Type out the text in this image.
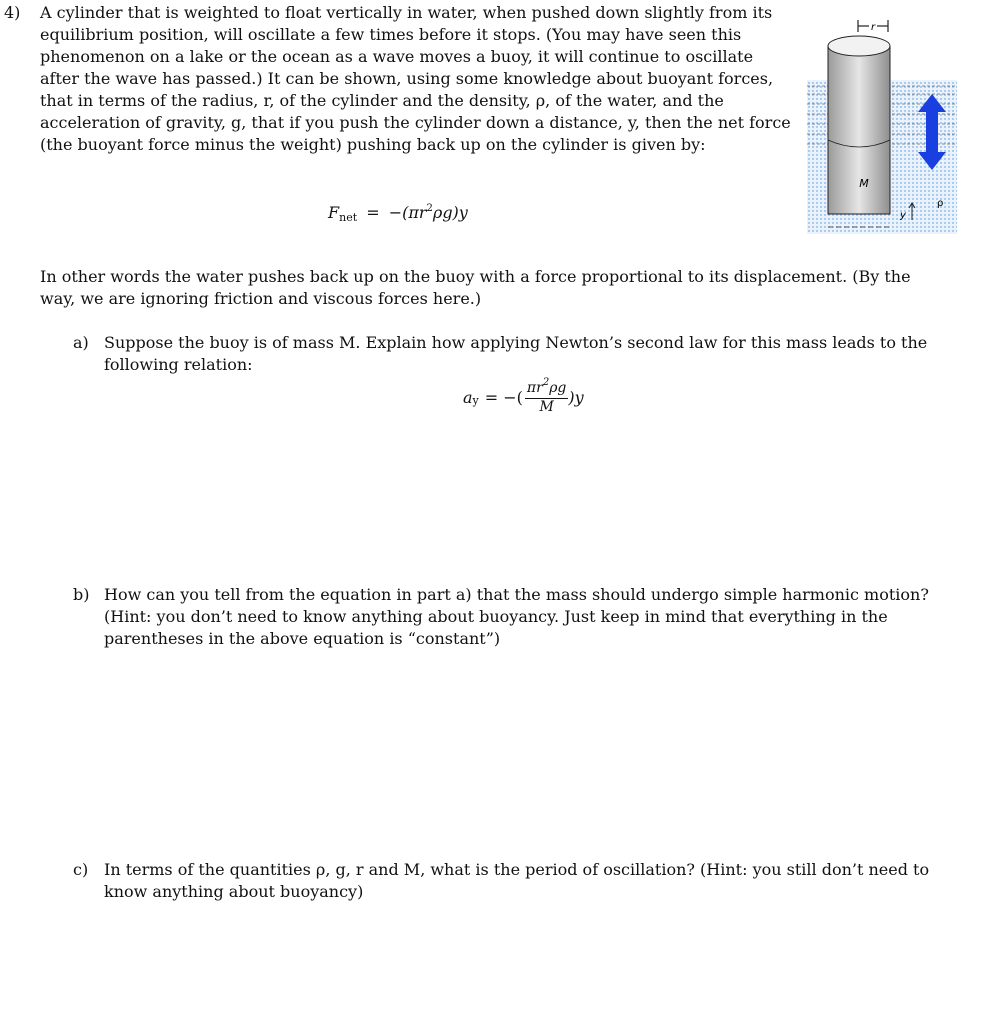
4) A cylinder that is weighted to float vertically in water, when pushed down slightly from its
equilibrium position, will oscillate a few times before it stops. (You may have seen this
phenomenon on a lake or the ocean as a wave moves a buoy, it will continue to oscillate
after the wave has passed.) It can be shown, using some knowledge about buoyant forces,
that in terms of the radius, r, of the cylinder and the density, ρ, of the water, and the
acceleration of gravity, g, that if you push the cylinder down a distance, y, then the net force
(the buoyant force minus the weight) pushing back up on the cylinder is given by:
Fnet = $-(\pi r^2\rho g)y$
r
M
y
ρ
In other words the water pushes back up on the buoy with a force proportional to its displacement. (By the
way, we are ignoring friction and viscous forces here.)
a) Suppose the buoy is of mass M. Explain how applying Newton’s second law for this mass leads to the
following relation:
a y = −( $\frac{\pi r^2\rho g}{M} )y$
b) How can you tell from the equation in part a) that the mass should undergo simple harmonic motion?
(Hint: you don’t need to know anything about buoyancy. Just keep in mind that everything in the
parentheses in the above equation is “constant”)
c) In terms of the quantities ρ, g, r and M, what is the period of oscillation? (Hint: you still don’t need to
know anything about buoyancy)
